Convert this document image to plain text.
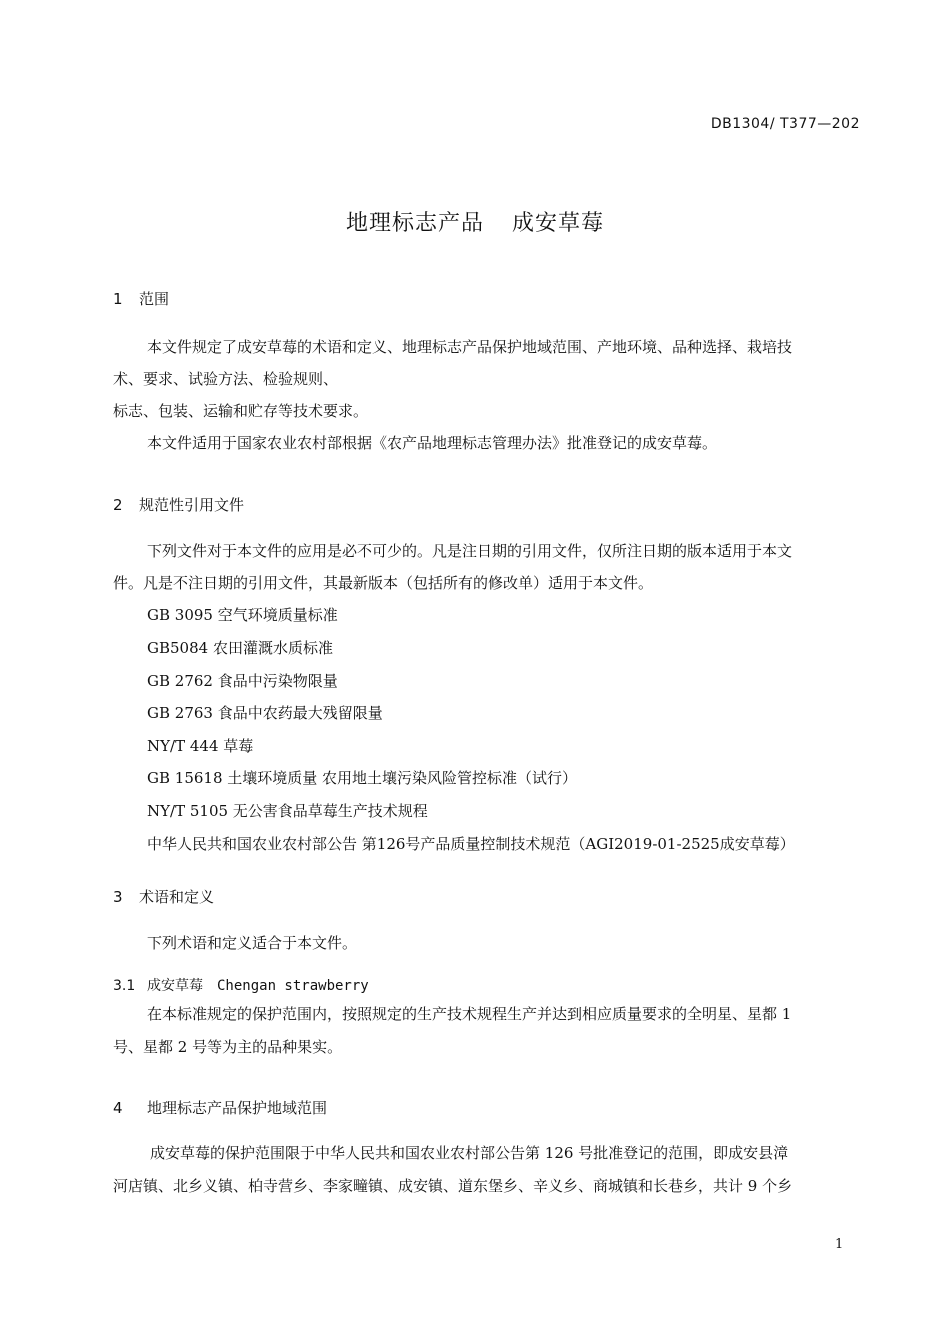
DB1304/ T377—202
地理标志产品 成安草莓
1 范围
本文件规定了成安草莓的术语和定义、地理标志产品保护地域范围、产地环境、品种选择、栽培技
术、要求、试验方法、检验规则、
标志、包装、运输和贮存等技术要求。
本文件适用于国家农业农村部根据《农产品地理标志管理办法》批准登记的成安草莓。
2 规范性引用文件
下列文件对于本文件的应用是必不可少的。凡是注日期的引用文件，仅所注日期的版本适用于本文
件。凡是不注日期的引用文件，其最新版本（包括所有的修改单）适用于本文件。
GB 3095 空气环境质量标准
GB5084 农田灌溉水质标准
GB 2762 食品中污染物限量
GB 2763 食品中农药最大残留限量
NY/T 444 草莓
GB 15618 土壤环境质量 农用地土壤污染风险管控标准（试行）
NY/T 5105 无公害食品草莓生产技术规程
中华人民共和国农业农村部公告 第126号产品质量控制技术规范（AGI2019-01-2525成安草莓）
3 术语和定义
下列术语和定义适合于本文件。
3.1 成安草莓 Chengan strawberry
在本标准规定的保护范围内，按照规定的生产技术规程生产并达到相应质量要求的全明星、星都 1
号、星都 2 号等为主的品种果实。
4 地理标志产品保护地域范围
成安草莓的保护范围限于中华人民共和国农业农村部公告第 126 号批准登记的范围，即成安县漳
河店镇、北乡义镇、柏寺营乡、李家疃镇、成安镇、道东堡乡、辛义乡、商城镇和长巷乡，共计 9 个乡
1
